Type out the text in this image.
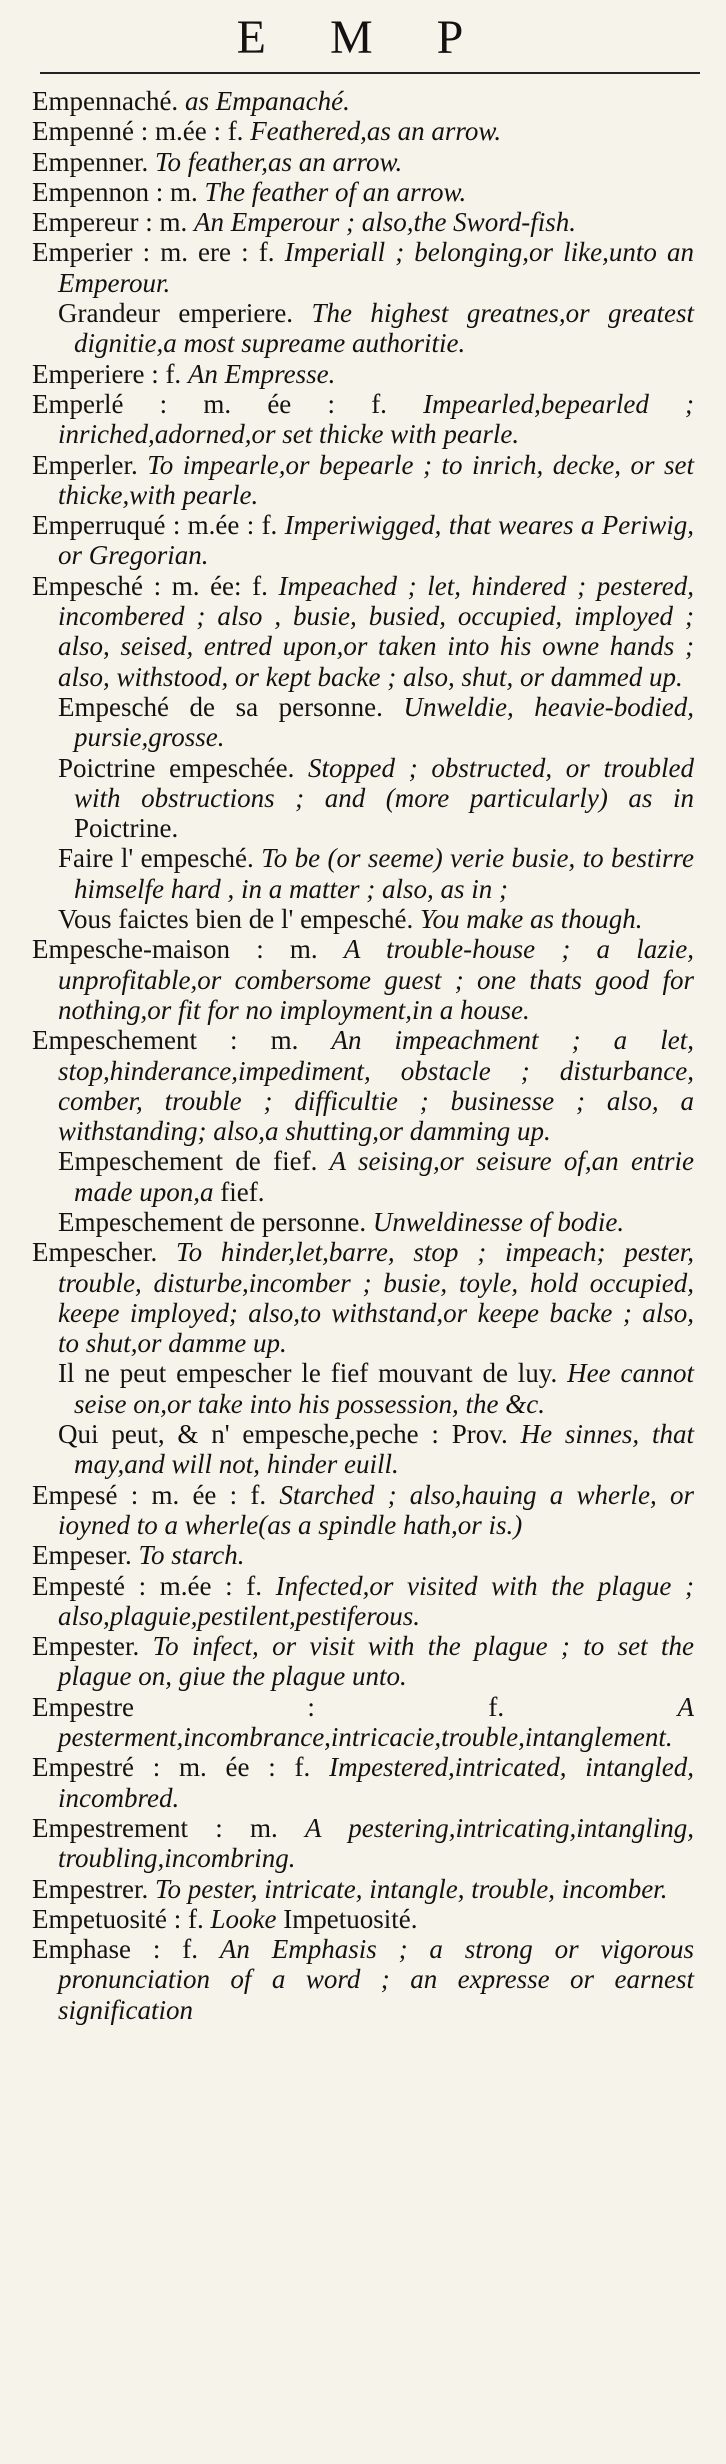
E M P
Empennaché. as Empanaché.
Empenné : m.ée : f. Feathered,as an arrow.
Empenner. To feather,as an arrow.
Empennon : m. The feather of an arrow.
Empereur : m. An Emperour ; also,the Sword-fish.
Emperier : m. ere : f. Imperiall ; belonging,or like,unto an Emperour.
Grandeur emperiere. The highest greatnes,or greatest dignitie,a most supreame authoritie.
Emperiere : f. An Empresse.
Emperlé : m. ée : f. Impearled,bepearled ; inriched,adorned,or set thicke with pearle.
Emperler. To impearle,or bepearle ; to inrich, decke, or set thicke,with pearle.
Emperruqué : m.ée : f. Imperiwigged, that weares a Periwig, or Gregorian.
Empesché : m. ée: f. Impeached ; let, hindered ; pestered, incombered ; also , busie, busied, occupied, imployed ; also, seised, entred upon,or taken into his owne hands ; also, withstood, or kept backe ; also, shut, or dammed up.
Empesché de sa personne. Unweldie, heavie-bodied, pursie,grosse.
Poictrine empeschée. Stopped ; obstructed, or troubled with obstructions ; and (more particularly) as in Poictrine.
Faire l' empesché. To be (or seeme) verie busie, to bestirre himselfe hard , in a matter ; also, as in ;
Vous faictes bien de l' empesché. You make as though.
Empesche-maison : m. A trouble-house ; a lazie, unprofitable,or combersome guest ; one thats good for nothing,or fit for no imployment,in a house.
Empeschement : m. An impeachment ; a let, stop,hinderance,impediment, obstacle ; disturbance, comber, trouble ; difficultie ; businesse ; also, a withstanding; also,a shutting,or damming up.
Empeschement de fief. A seising,or seisure of,an entrie made upon,a fief.
Empeschement de personne. Unweldinesse of bodie.
Empescher. To hinder,let,barre, stop ; impeach; pester, trouble, disturbe,incomber ; busie, toyle, hold occupied, keepe imployed; also,to withstand,or keepe backe ; also, to shut,or damme up.
Il ne peut empescher le fief mouvant de luy. Hee cannot seise on,or take into his possession, the &c.
Qui peut, & n' empesche,peche : Prov. He sinnes, that may,and will not, hinder euill.
Empesé : m. ée : f. Starched ; also,hauing a wherle, or ioyned to a wherle(as a spindle hath,or is.)
Empeser. To starch.
Empesté : m.ée : f. Infected,or visited with the plague ; also,plaguie,pestilent,pestiferous.
Empester. To infect, or visit with the plague ; to set the plague on, giue the plague unto.
Empestre	: f.	A pesterment,incombrance,intricacie,trouble,intanglement.
Empestré : m. ée : f. Impestered,intricated, intangled, incombred.
Empestrement : m. A pestering,intricating,intangling, troubling,incombring.
Empestrer. To pester, intricate, intangle, trouble, incomber.
Empetuosité : f. Looke Impetuosité.
Emphase : f. An Emphasis ; a strong or vigorous pronunciation of a word ; an expresse or earnest signification
